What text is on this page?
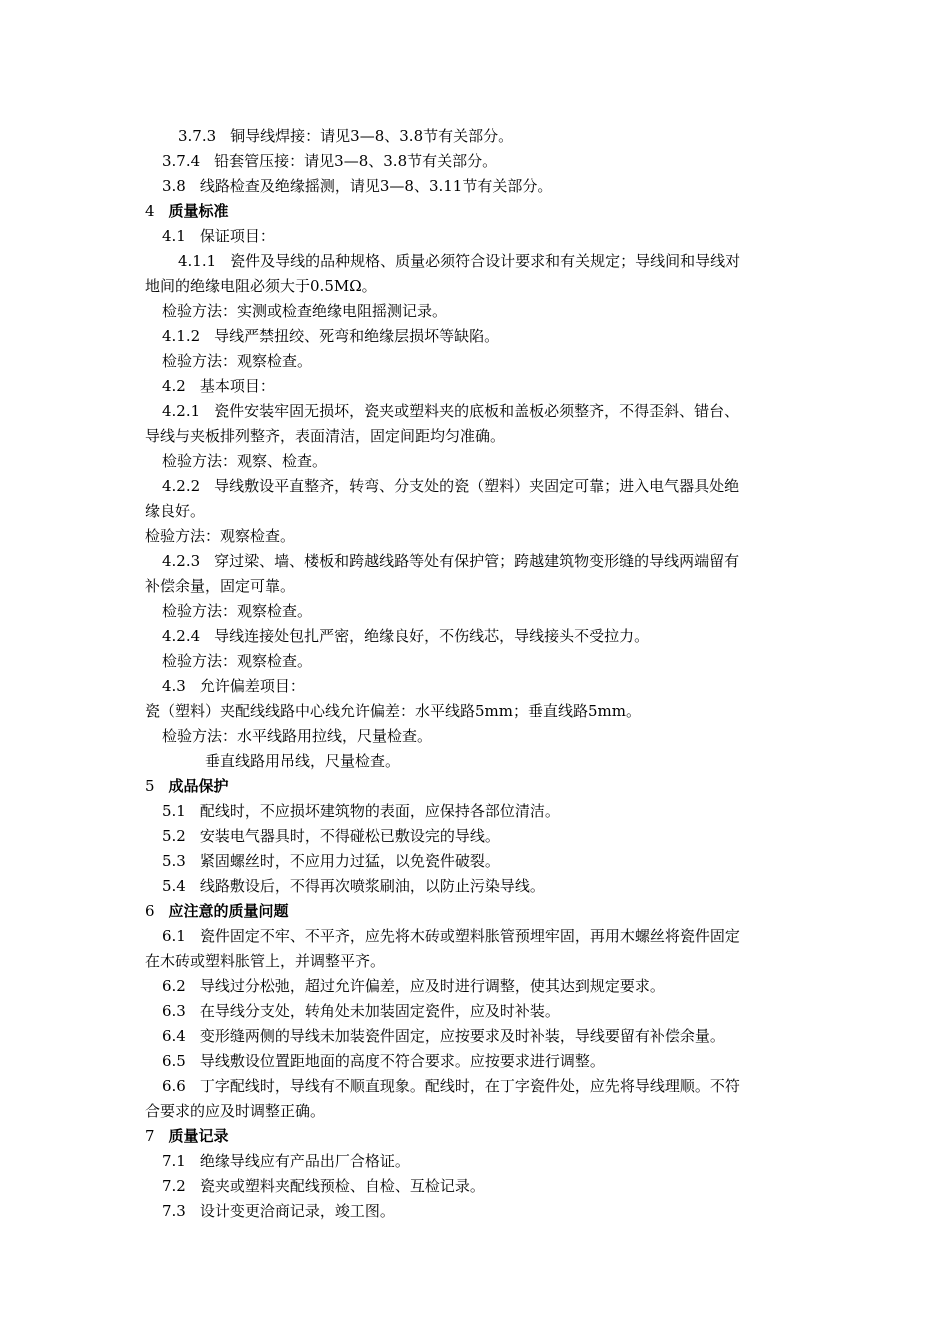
3.7.3 铜导线焊接：请见3—8、3.8节有关部分。
3.7.4 铅套管压接：请见3—8、3.8节有关部分。
3.8 线路检查及绝缘摇测，请见3—8、3.11节有关部分。
4 质量标准
4.1 保证项目：
4.1.1 瓷件及导线的品种规格、质量必须符合设计要求和有关规定；导线间和导线对
地间的绝缘电阻必须大于0.5MΩ。
检验方法：实测或检查绝缘电阻摇测记录。
4.1.2 导线严禁扭绞、死弯和绝缘层损坏等缺陷。
检验方法：观察检查。
4.2 基本项目：
4.2.1 瓷件安装牢固无损坏，瓷夹或塑料夹的底板和盖板必须整齐，不得歪斜、错台、
导线与夹板排列整齐，表面清洁，固定间距均匀准确。
检验方法：观察、检查。
4.2.2 导线敷设平直整齐，转弯、分支处的瓷（塑料）夹固定可靠；进入电气器具处绝
缘良好。
检验方法：观察检查。
4.2.3 穿过梁、墙、楼板和跨越线路等处有保护管；跨越建筑物变形缝的导线两端留有
补偿余量，固定可靠。
检验方法：观察检查。
4.2.4 导线连接处包扎严密，绝缘良好，不伤线芯，导线接头不受拉力。
检验方法：观察检查。
4.3 允许偏差项目：
瓷（塑料）夹配线线路中心线允许偏差：水平线路5mm；垂直线路5mm。
检验方法：水平线路用拉线，尺量检查。
垂直线路用吊线，尺量检查。
5 成品保护
5.1 配线时，不应损坏建筑物的表面，应保持各部位清洁。
5.2 安装电气器具时，不得碰松已敷设完的导线。
5.3 紧固螺丝时，不应用力过猛，以免瓷件破裂。
5.4 线路敷设后，不得再次喷浆刷油，以防止污染导线。
6 应注意的质量问题
6.1 瓷件固定不牢、不平齐，应先将木砖或塑料胀管预埋牢固，再用木螺丝将瓷件固定
在木砖或塑料胀管上，并调整平齐。
6.2 导线过分松弛，超过允许偏差，应及时进行调整，使其达到规定要求。
6.3 在导线分支处，转角处未加装固定瓷件，应及时补装。
6.4 变形缝两侧的导线未加装瓷件固定，应按要求及时补装，导线要留有补偿余量。
6.5 导线敷设位置距地面的高度不符合要求。应按要求进行调整。
6.6 丁字配线时，导线有不顺直现象。配线时，在丁字瓷件处，应先将导线理顺。不符
合要求的应及时调整正确。
7 质量记录
7.1 绝缘导线应有产品出厂合格证。
7.2 瓷夹或塑料夹配线预检、自检、互检记录。
7.3 设计变更洽商记录，竣工图。
